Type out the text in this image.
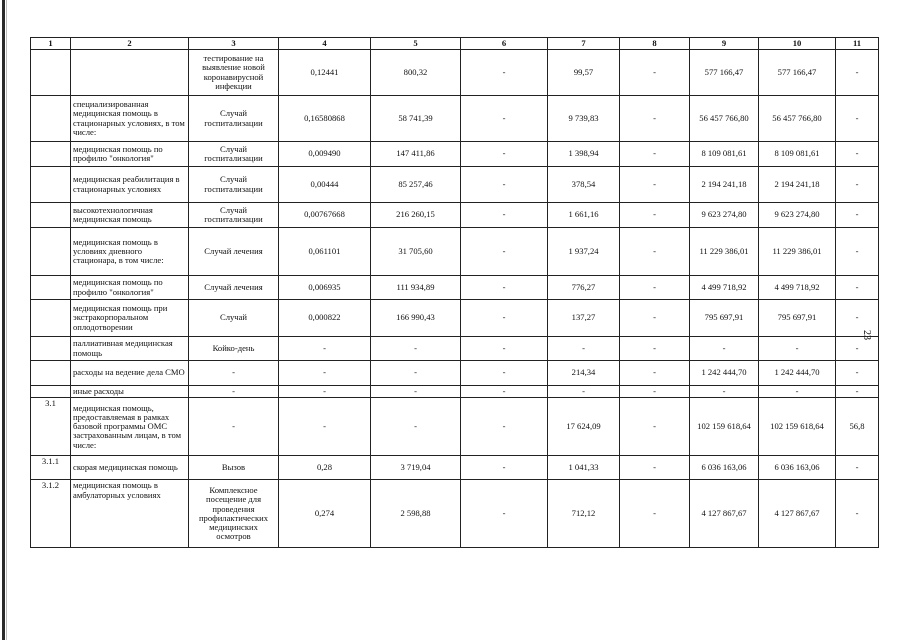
1	2	3	4	5	6	7	8	9	10	11
		тестирование на выявление новой коронавирусной инфекции	0,12441	800,32	-	99,57	-	577 166,47	577 166,47	-
	специализированная медицинская помощь в стационарных условиях, в том числе:	Случай госпитализации	0,16580868	58 741,39	-	9 739,83	-	56 457 766,80	56 457 766,80	-
	медицинская помощь по профилю "онкология"	Случай госпитализации	0,009490	147 411,86	-	1 398,94	-	8 109 081,61	8 109 081,61	-
	медицинская реабилитация в стационарных условиях	Случай госпитализации	0,00444	85 257,46	-	378,54	-	2 194 241,18	2 194 241,18	-
	высокотехнологичная медицинская помощь	Случай госпитализации	0,00767668	216 260,15	-	1 661,16	-	9 623 274,80	9 623 274,80	-
	медицинская помощь в условиях дневного стационара, в том числе:	Случай лечения	0,061101	31 705,60	-	1 937,24	-	11 229 386,01	11 229 386,01	-
	медицинская помощь по профилю "онкология"	Случай лечения	0,006935	111 934,89	-	776,27	-	4 499 718,92	4 499 718,92	-
	медицинская помощь при экстракорпоральном оплодотворении	Случай	0,000822	166 990,43	-	137,27	-	795 697,91	795 697,91	-
	паллиативная медицинская помощь	Койко-день	-	-	-	-	-	-	-	-
	расходы на ведение дела СМО	-	-	-	-	214,34	-	1 242 444,70	1 242 444,70	-
	иные расходы	-	-	-	-	-	-	-	-	-
3.1	медицинская помощь, предоставляемая в рамках базовой программы ОМС застрахованным лицам, в том числе:	-	-	-	-	17 624,09	-	102 159 618,64	102 159 618,64	56,8
3.1.1	скорая медицинская помощь	Вызов	0,28	3 719,04	-	1 041,33	-	6 036 163,06	6 036 163,06	-
3.1.2	медицинская помощь в амбулаторных условиях	Комплексное посещение для проведения профилактических медицинских осмотров	0,274	2 598,88	-	712,12	-	4 127 867,67	4 127 867,67	-
23
